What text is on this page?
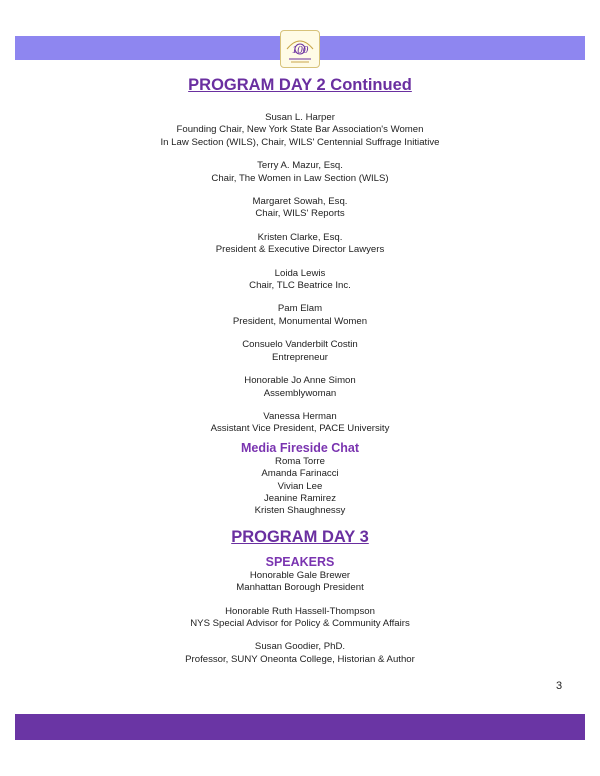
100
PROGRAM DAY 2 Continued
Susan L. Harper
Founding Chair, New York State Bar Association's Women
In Law Section (WILS), Chair, WILS' Centennial Suffrage Initiative
Terry A. Mazur, Esq.
Chair, The Women in Law Section (WILS)
Margaret Sowah, Esq.
Chair, WILS' Reports
Kristen Clarke, Esq.
President & Executive Director Lawyers
Loida Lewis
Chair, TLC Beatrice Inc.
Pam Elam
President, Monumental Women
Consuelo Vanderbilt Costin
Entrepreneur
Honorable Jo Anne Simon
Assemblywoman
Vanessa Herman
Assistant Vice President, PACE University
Media Fireside Chat
Roma Torre
Amanda Farinacci
Vivian Lee
Jeanine Ramirez
Kristen Shaughnessy
PROGRAM DAY 3
SPEAKERS
Honorable Gale Brewer
Manhattan Borough President
Honorable Ruth Hassell-Thompson
NYS Special Advisor for Policy & Community Affairs
Susan Goodier, PhD.
Professor, SUNY Oneonta College, Historian & Author
3
